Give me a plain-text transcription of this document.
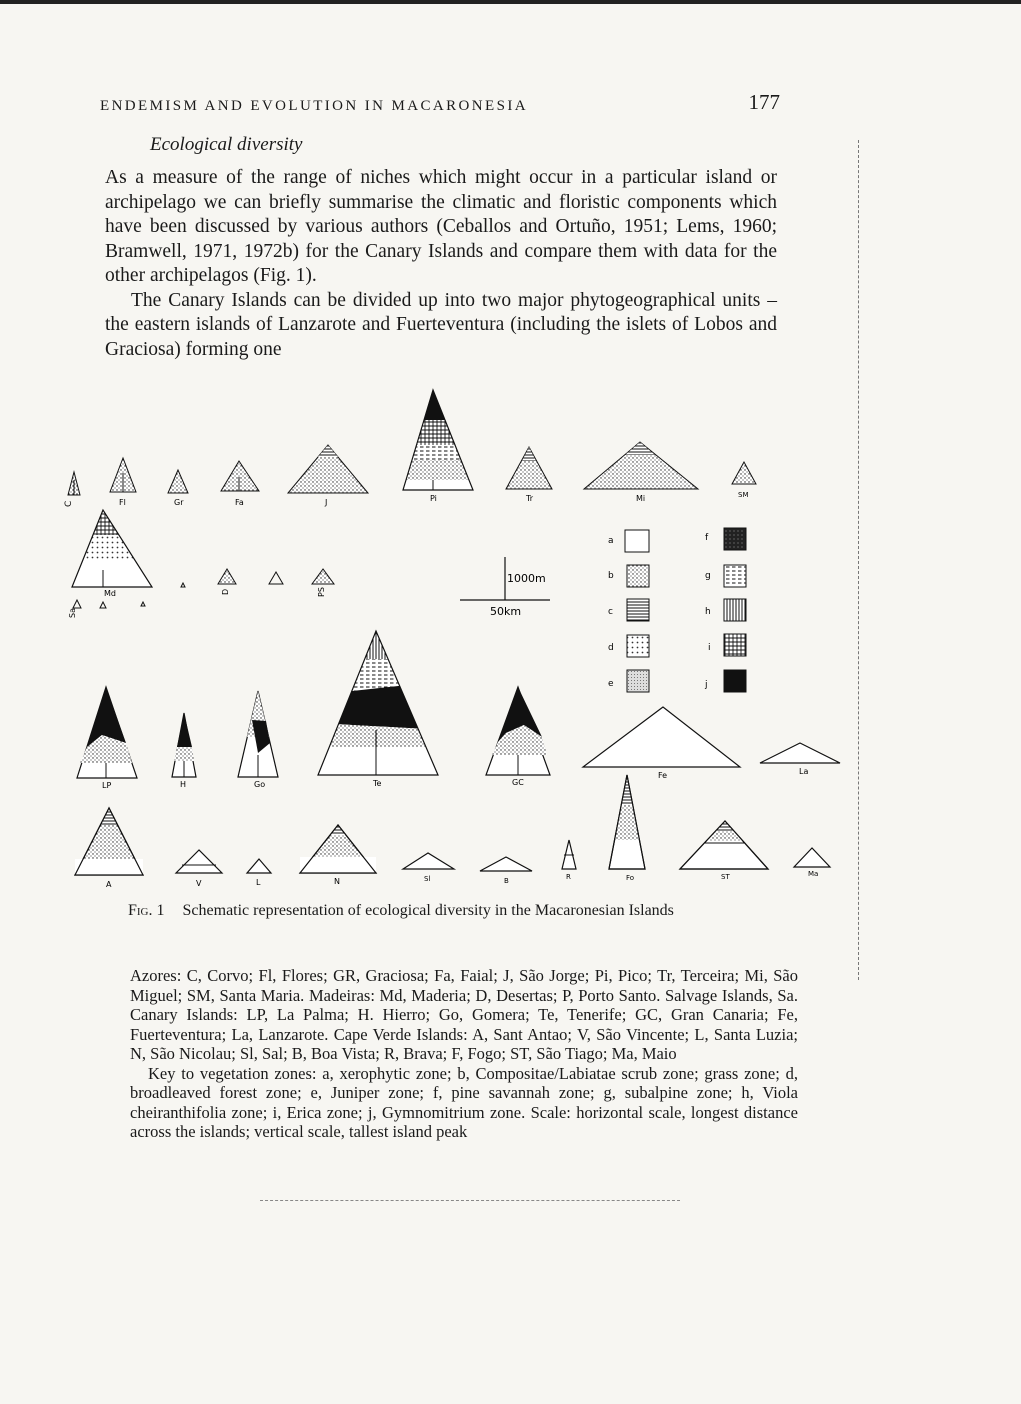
ENDEMISM AND EVOLUTION IN MACARONESIA	177
Ecological diversity

As a measure of the range of niches which might occur in a particular island or archipelago we can briefly summarise the climatic and floristic components which have been discussed by various authors (Ceballos and Ortuño, 1951; Lems, 1960; Bramwell, 1971, 1972b) for the Canary Islands and compare them with data for the other archipelagos (Fig. 1).

The Canary Islands can be divided up into two major phytogeographical units – the eastern islands of Lanzarote and Fuerteventura (including the islets of Lobos and Graciosa) forming one

C	Fl	Gr	Fa	J	Pi	Tr	Mi	SM
Md
Sa
D	PS
1000m
50km
a
b
c
d
e
f
g
h
i
j
LP	H	Go	Te	GC
Fe	La
A	V	L	N	Sl	B	R	Fo	ST	Ma
Fig. 1 Schematic representation of ecological diversity in the Macaronesian Islands

Azores: C, Corvo; Fl, Flores; GR, Graciosa; Fa, Faial; J, São Jorge; Pi, Pico; Tr, Terceira; Mi, São Miguel; SM, Santa Maria. Madeiras: Md, Maderia; D, Desertas; P, Porto Santo. Salvage Islands, Sa. Canary Islands: LP, La Palma; H. Hierro; Go, Gomera; Te, Tenerife; GC, Gran Canaria; Fe, Fuerteventura; La, Lanzarote. Cape Verde Islands: A, Sant Antao; V, São Vincente; L, Santa Luzia; N, São Nicolau; Sl, Sal; B, Boa Vista; R, Brava; F, Fogo; ST, São Tiago; Ma, Maio

Key to vegetation zones: a, xerophytic zone; b, Compositae/Labiatae scrub zone; grass zone; d, broadleaved forest zone; e, Juniper zone; f, pine savannah zone; g, subalpine zone; h, Viola cheiranthifolia zone; i, Erica zone; j, Gymnomitrium zone. Scale: horizontal scale, longest distance across the islands; vertical scale, tallest island peak
